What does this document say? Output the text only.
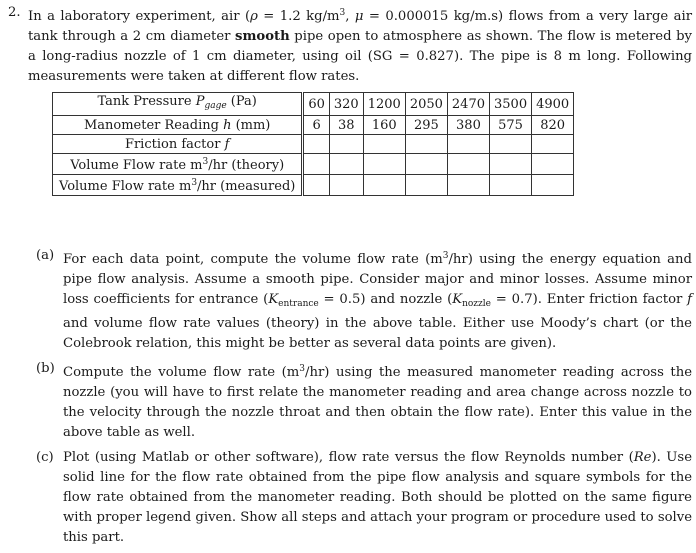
2. In a laboratory experiment, air (ρ = 1.2 $kg/m^3$, μ = 0.000015 kg/m.s) flows from a very large air tank through a 2 cm diameter smooth pipe open to atmosphere as shown. The flow is metered by a long-radius nozzle of 1 cm diameter, using oil (SG = 0.827). The pipe is 8 m long. Following measurements were taken at different flow rates.
Tank Pressure $P_{gage}$ (Pa)	60	320	1200	2050	2470	3500	4900
Manometer Reading h (mm)	6	38	160	295	380	575	820
Friction factor f							
Volume Flow rate $m^3/hr$ (theory)							
Volume Flow rate $m^3/hr$ (measured)							
(a) For each data point, compute the volume flow rate $(m^3/hr)$ using the energy equation and pipe flow analysis. Assume a smooth pipe. Consider major and minor losses. Assume minor loss coefficients for entrance $(K_{entrance} = 0.5)$ and nozzle $(K_{nozzle} = 0.7)$. Enter friction factor f and volume flow rate values (theory) in the above table. Either use Moody’s chart (or the Colebrook relation, this might be better as several data points are given).
(b) Compute the volume flow rate $(m^3/hr)$ using the measured manometer reading across the nozzle (you will have to first relate the manometer reading and area change across nozzle to the velocity through the nozzle throat and then obtain the flow rate). Enter this value in the above table as well.
(c) Plot (using Matlab or other software), flow rate versus the flow Reynolds number (Re). Use solid line for the flow rate obtained from the pipe flow analysis and square symbols for the flow rate obtained from the manometer reading. Both should be plotted on the same figure with proper legend given. Show all steps and attach your program or procedure used to solve this part.
